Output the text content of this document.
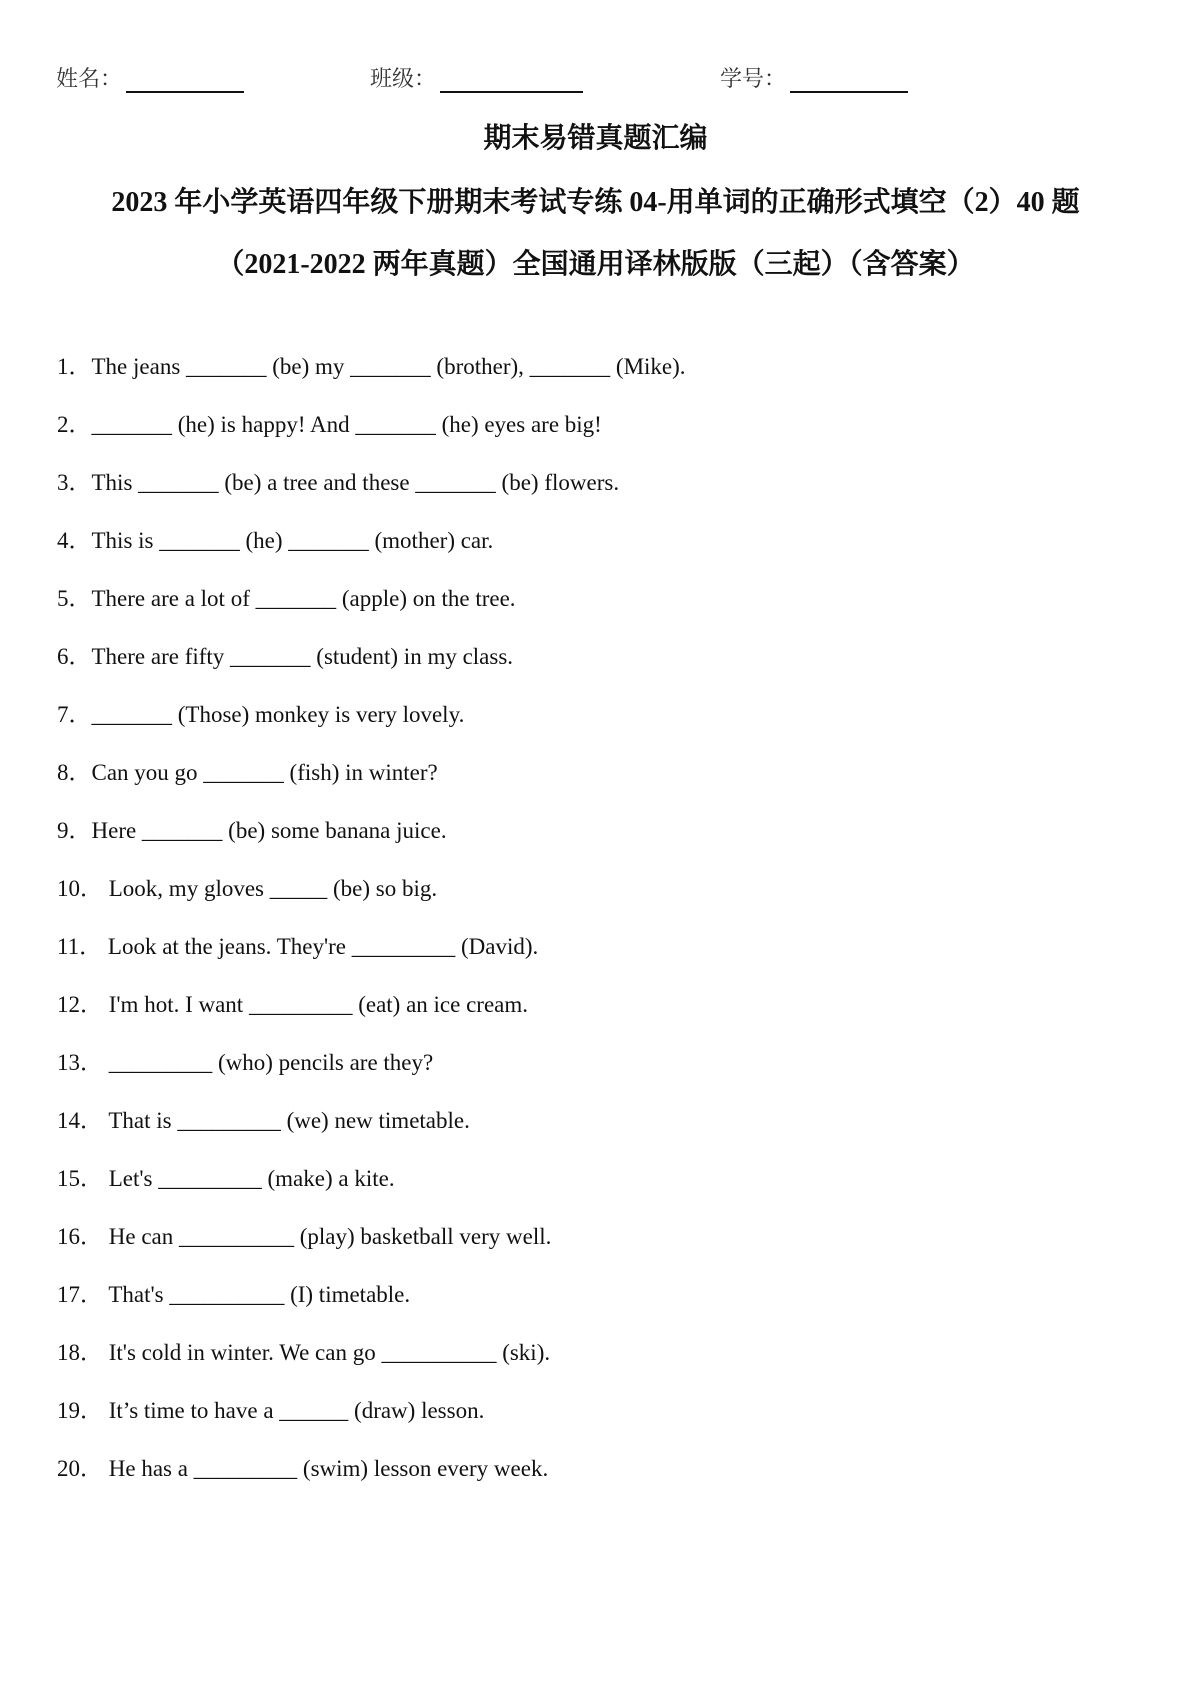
姓名：	班级：	学号：
期末易错真题汇编
2023 年小学英语四年级下册期末考试专练 04-用单词的正确形式填空（2）40 题
（2021-2022 两年真题）全国通用译林版版（三起）（含答案）
1．The jeans _______ (be) my _______ (brother), _______ (Mike).
2．_______ (he) is happy! And _______ (he) eyes are big!
3．This _______ (be) a tree and these _______ (be) flowers.
4．This is _______ (he) _______ (mother) car.
5．There are a lot of _______ (apple) on the tree.
6．There are fifty _______ (student) in my class.
7．_______ (Those) monkey is very lovely.
8．Can you go _______ (fish) in winter?
9．Here _______ (be) some banana juice.
10． Look, my gloves _____ (be) so big.
11． Look at the jeans. They're _________ (David).
12． I'm hot. I want _________ (eat) an ice cream.
13． _________ (who) pencils are they?
14． That is _________ (we) new timetable.
15． Let's _________ (make) a kite.
16． He can __________ (play) basketball very well.
17． That's __________ (I) timetable.
18． It's cold in winter. We can go __________ (ski).
19． It’s time to have a ______ (draw) lesson.
20． He has a _________ (swim) lesson every week.
